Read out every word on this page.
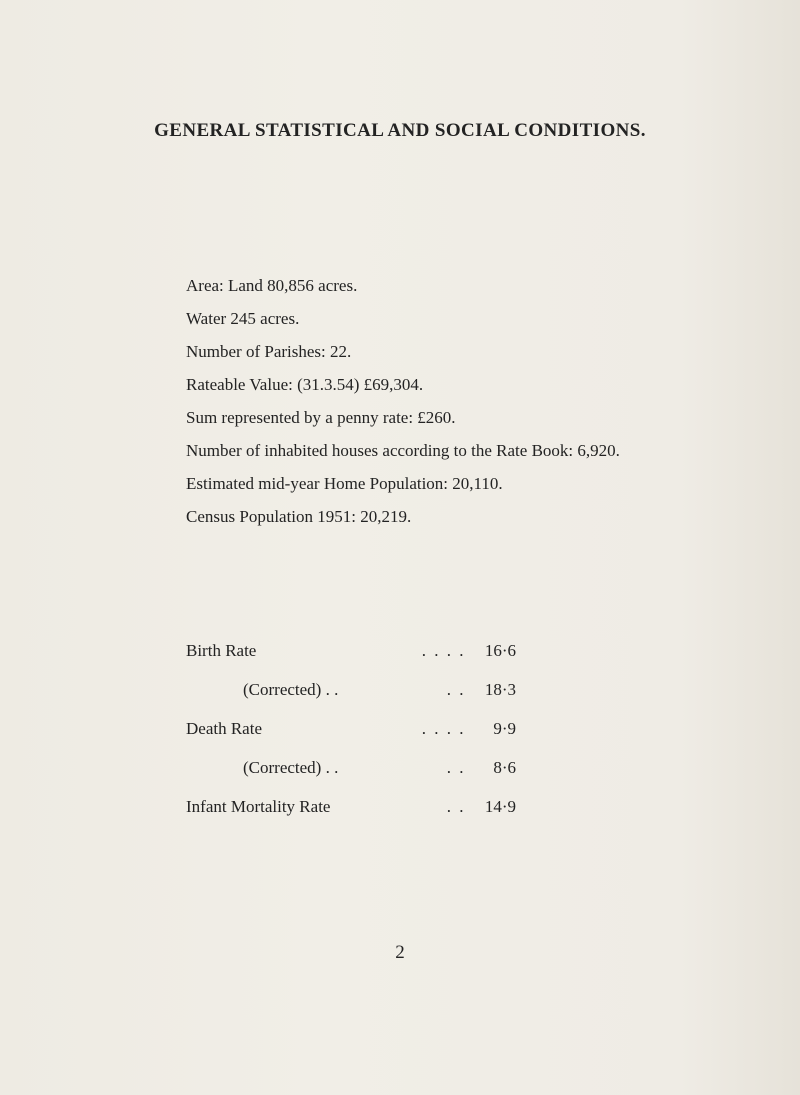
GENERAL STATISTICAL AND SOCIAL CONDITIONS.
Area: Land 80,856 acres.
Water 245 acres.
Number of Parishes: 22.
Rateable Value: (31.3.54) £69,304.
Sum represented by a penny rate: £260.
Number of inhabited houses according to the Rate Book: 6,920.
Estimated mid-year Home Population: 20,110.
Census Population 1951: 20,219.
Birth Rate	. . . .	16·6
(Corrected) . .	. .	18·3
Death Rate	. . . .	9·9
(Corrected) . .	. .	8·6
Infant Mortality Rate	. .	14·9
2
